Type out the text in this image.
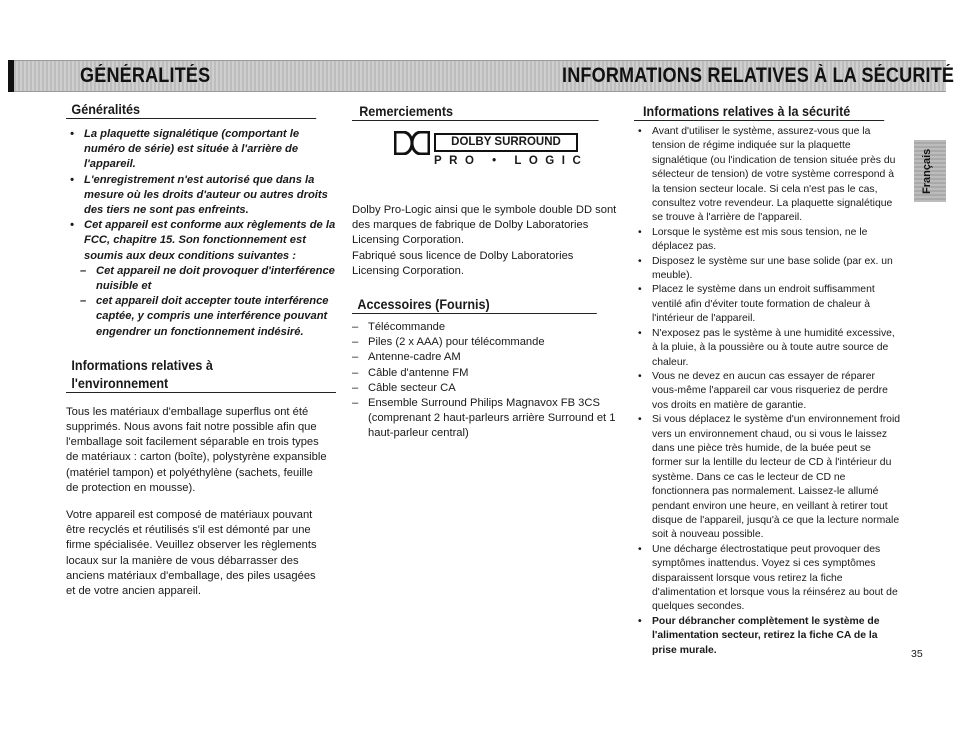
GÉNÉRALITÉS	INFORMATIONS RELATIVES À LA SÉCURITÉ
Généralités
• La plaquette signalétique (comportant le numéro de série) est située à l'arrière de l'appareil.
• L'enregistrement n'est autorisé que dans la mesure où les droits d'auteur ou autres droits des tiers ne sont pas enfreints.
• Cet appareil est conforme aux règlements de la FCC, chapitre 15. Son fonctionnement est soumis aux deux conditions suivantes :
– Cet appareil ne doit provoquer d'interférence nuisible et
– cet appareil doit accepter toute interférence captée, y compris une interférence pouvant engendrer un fonctionnement indésiré.
Informations relatives à l'environnement

Tous les matériaux d'emballage superflus ont été supprimés. Nous avons fait notre possible afin que l'emballage soit facilement séparable en trois types de matériaux : carton (boîte), polystyrène expansible (matériel tampon) et polyéthylène (sachets, feuille de protection en mousse).

Votre appareil est composé de matériaux pouvant être recyclés et réutilisés s'il est démonté par une firme spécialisée. Veuillez observer les règlements locaux sur la manière de vous débarrasser des anciens matériaux d'emballage, des piles usagées et de votre ancien appareil.

Remerciements
DOLBY SURROUND
PRO • LOGIC

Dolby Pro-Logic ainsi que le symbole double DD sont des marques de fabrique de Dolby Laboratories Licensing Corporation.

Fabriqué sous licence de Dolby Laboratories Licensing Corporation.

Accessoires (Fournis)
– Télécommande
– Piles (2 x AAA) pour télécommande
– Antenne-cadre AM
– Câble d'antenne FM
– Câble secteur CA
– Ensemble Surround Philips Magnavox FB 3CS (comprenant 2 haut-parleurs arrière Surround et 1 haut-parleur central)
Informations relatives à la sécurité
• Avant d'utiliser le système, assurez-vous que la tension de régime indiquée sur la plaquette signalétique (ou l'indication de tension située près du sélecteur de tension) de votre système correspond à la tension secteur locale. Si cela n'est pas le cas, consultez votre revendeur. La plaquette signalétique se trouve à l'arrière de l'appareil.
• Lorsque le système est mis sous tension, ne le déplacez pas.
• Disposez le système sur une base solide (par ex. un meuble).
• Placez le système dans un endroit suffisamment ventilé afin d'éviter toute formation de chaleur à l'intérieur de l'appareil.
• N'exposez pas le système à une humidité excessive, à la pluie, à la poussière ou à toute autre source de chaleur.
• Vous ne devez en aucun cas essayer de réparer vous-même l'appareil car vous risqueriez de perdre vos droits en matière de garantie.
• Si vous déplacez le système d'un environnement froid vers un environnement chaud, ou si vous le laissez dans une pièce très humide, de la buée peut se former sur la lentille du lecteur de CD à l'intérieur du système. Dans ce cas le lecteur de CD ne fonctionnera pas normalement. Laissez-le allumé pendant environ une heure, en veillant à retirer tout disque de l'appareil, jusqu'à ce que la lecture normale soit à nouveau possible.
• Une décharge électrostatique peut provoquer des symptômes inattendus. Voyez si ces symptômes disparaissent lorsque vous retirez la fiche d'alimentation et lorsque vous la réinsérez au bout de quelques secondes.
• Pour débrancher complètement le système de l'alimentation secteur, retirez la fiche CA de la prise murale.
Français
35
